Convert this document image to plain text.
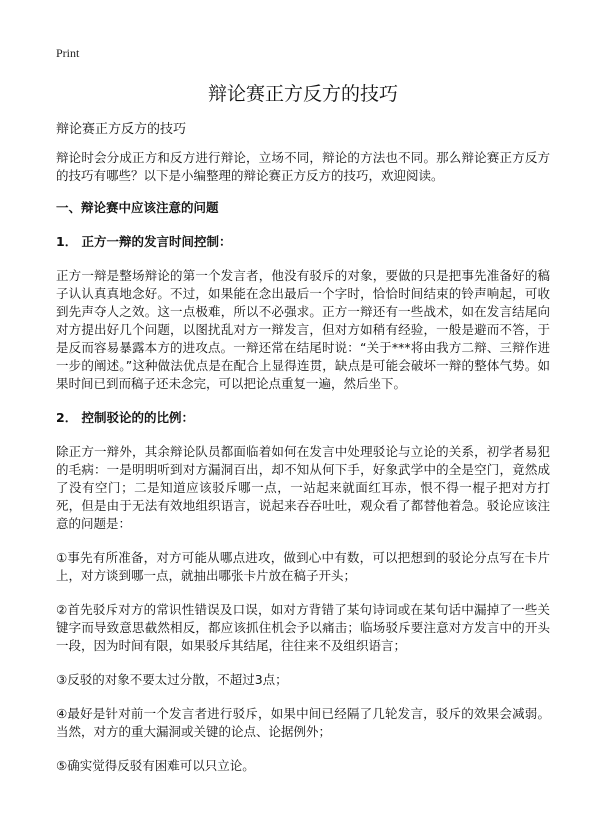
Print
辩论赛正方反方的技巧

辩论赛正方反方的技巧

辩论时会分成正方和反方进行辩论，立场不同，辩论的方法也不同。那么辩论赛正方反方的技巧有哪些？以下是小编整理的辩论赛正方反方的技巧，欢迎阅读。

一、辩论赛中应该注意的问题

1． 正方一辩的发言时间控制：

正方一辩是整场辩论的第一个发言者，他没有驳斥的对象，要做的只是把事先准备好的稿子认认真真地念好。不过，如果能在念出最后一个字时，恰恰时间结束的铃声响起，可收到先声夺人之效。这一点极难，所以不必强求。正方一辩还有一些战术，如在发言结尾向对方提出好几个问题，以图扰乱对方一辩发言，但对方如稍有经验，一般是避而不答，于是反而容易暴露本方的进攻点。一辩还常在结尾时说：“关于***将由我方二辩、三辩作进一步的阐述。”这种做法优点是在配合上显得连贯，缺点是可能会破坏一辩的整体气势。如果时间已到而稿子还未念完，可以把论点重复一遍，然后坐下。

2． 控制驳论的的比例：

除正方一辩外，其余辩论队员都面临着如何在发言中处理驳论与立论的关系，初学者易犯的毛病：一是明明听到对方漏洞百出，却不知从何下手，好象武学中的全是空门，竟然成了没有空门；二是知道应该驳斥哪一点，一站起来就面红耳赤，恨不得一棍子把对方打死，但是由于无法有效地组织语言，说起来吞吞吐吐，观众看了都替他着急。驳论应该注意的问题是：

①事先有所准备，对方可能从哪点进攻，做到心中有数，可以把想到的驳论分点写在卡片上，对方谈到哪一点，就抽出哪张卡片放在稿子开头；

②首先驳斥对方的常识性错误及口误，如对方背错了某句诗词或在某句话中漏掉了一些关键字而导致意思截然相反，都应该抓住机会予以痛击；临场驳斥要注意对方发言中的开头一段，因为时间有限，如果驳斥其结尾，往往来不及组织语言；

③反驳的对象不要太过分散，不超过3点；

④最好是针对前一个发言者进行驳斥，如果中间已经隔了几轮发言，驳斥的效果会减弱。当然，对方的重大漏洞或关键的论点、论据例外；

⑤确实觉得反驳有困难可以只立论。
